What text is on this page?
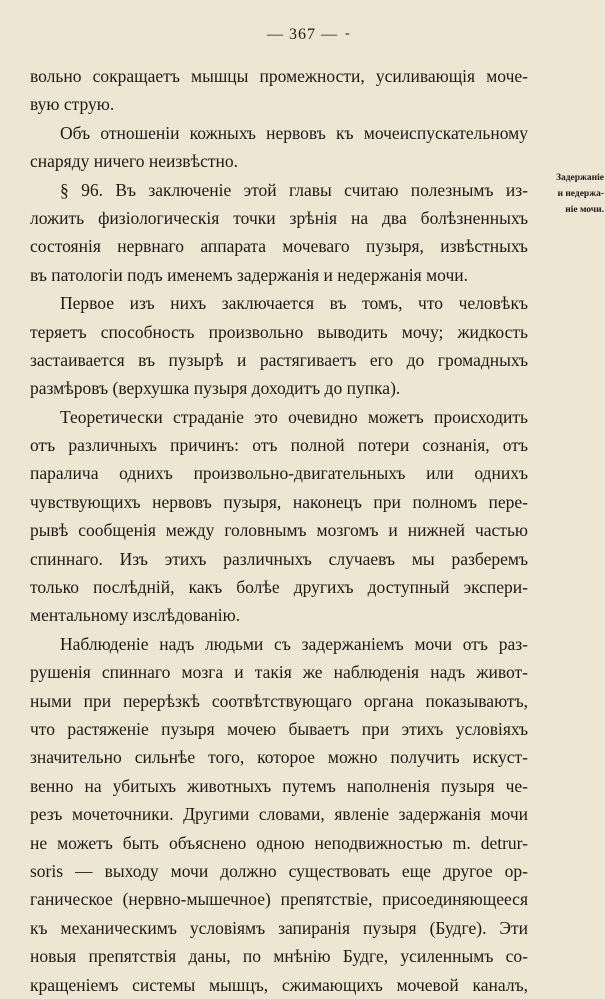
— 367 — -
вольно сокращаетъ мышцы промежности, усиливающія моче-
вую струю.
Объ отношеніи кожныхъ нервовъ къ мочеиспускательному
снаряду ничего неизвѣстно.
§ 96. Въ заключеніе этой главы считаю полезнымъ из-
ложить физіологическія точки зрѣнія на два болѣзненныхъ
состоянія нервнаго аппарата мочеваго пузыря, извѣстныхъ
въ патологіи подъ именемъ задержанія и недержанія мочи.
Первое изъ нихъ заключается въ томъ, что человѣкъ
теряетъ способность произвольно выводить мочу; жидкость
застаивается въ пузырѣ и растягиваетъ его до громадныхъ
размѣровъ (верхушка пузыря доходитъ до пупка).
Теоретически страданіе это очевидно можетъ происходить
отъ различныхъ причинъ: отъ полной потери сознанія, отъ
паралича одниxъ произвольно-двигательныхъ или одниxъ
чувствующихъ нервовъ пузыря, наконецъ при полномъ пере-
рывѣ сообщенія между головнымъ мозгомъ и нижней частью
спиннаго. Изъ этихъ различныхъ случаевъ мы разберемъ
только послѣдній, какъ болѣе другихъ доступный экспери-
ментальному изслѣдованію.
Наблюденіе надъ людьми съ задержаніемъ мочи отъ раз-
рушенія спиннаго мозга и такія же наблюденія надъ живот-
ными при перерѣзкѣ соотвѣтствующаго органа показываютъ,
что растяженіе пузыря мочею бываетъ при этихъ условіяхъ
значительно сильнѣе того, которое можно получить искуст-
венно на убитыхъ животныхъ путемъ наполненія пузыря че-
резъ мочеточники. Другими словами, явленіе задержанія мочи
не можетъ быть объяснено одною неподвижностью m. detrur-
soris — выходу мочи должно существовать еще другое ор-
ганическое (нервно-мышечное) препятствіе, присоединяющееся
къ механическимъ условіямъ запиранія пузыря (Будге). Эти
новыя препятствія даны, по мнѣнію Будге, усиленнымъ со-
кращеніемъ системы мышцъ, сжимающихъ мочевой каналъ,
Задержаніе
и недержа-
ніе мочи.
